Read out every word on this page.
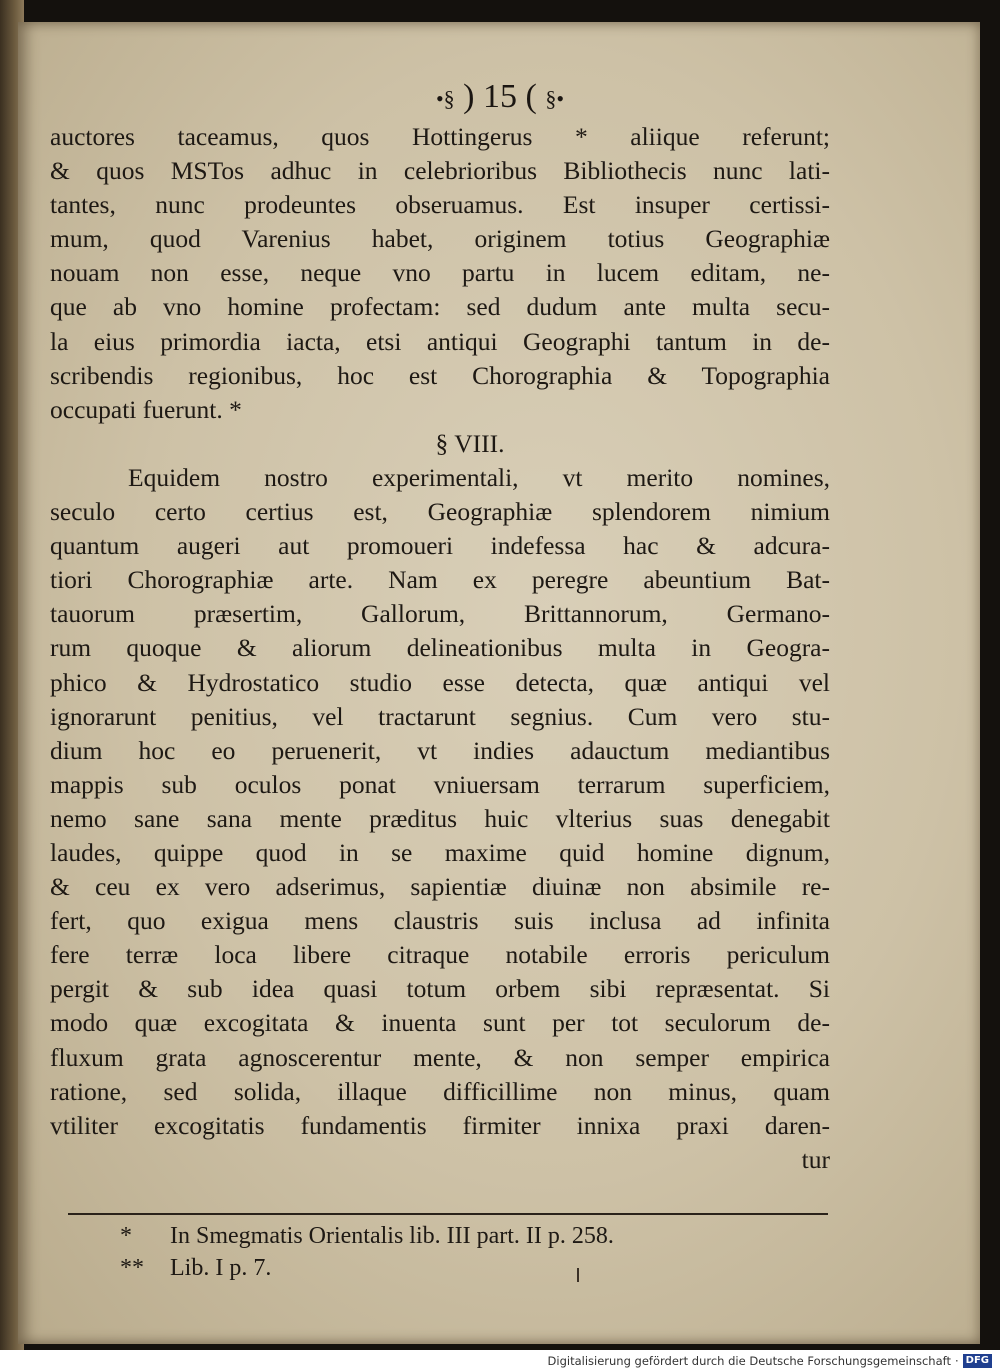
•§ ) 15 ( §•
auctores taceamus, quos Hottingerus * aliique referunt;
& quos MSTos adhuc in celebrioribus Bibliothecis nunc lati-
tantes, nunc prodeuntes obseruamus. Est insuper certissi-
mum, quod Varenius habet, originem totius Geographiæ
nouam non esse, neque vno partu in lucem editam, ne-
que ab vno homine profectam: sed dudum ante multa secu-
la eius primordia iacta, etsi antiqui Geographi tantum in de-
scribendis regionibus, hoc est Chorographia & Topographia
occupati fuerunt. *
§ VIII.
Equidem nostro experimentali, vt merito nomines,
seculo certo certius est, Geographiæ splendorem nimium
quantum augeri aut promoueri indefessa hac & adcura-
tiori Chorographiæ arte. Nam ex peregre abeuntium Bat-
tauorum præsertim, Gallorum, Brittannorum, Germano-
rum quoque & aliorum delineationibus multa in Geogra-
phico & Hydrostatico studio esse detecta, quæ antiqui vel
ignorarunt penitius, vel tractarunt segnius. Cum vero stu-
dium hoc eo peruenerit, vt indies adauctum mediantibus
mappis sub oculos ponat vniuersam terrarum superficiem,
nemo sane sana mente præditus huic vlterius suas denegabit
laudes, quippe quod in se maxime quid homine dignum,
& ceu ex vero adserimus, sapientiæ diuinæ non absimile re-
fert, quo exigua mens claustris suis inclusa ad infinita
fere terræ loca libere citraque notabile erroris periculum
pergit & sub idea quasi totum orbem sibi repræsentat. Si
modo quæ excogitata & inuenta sunt per tot seculorum de-
fluxum grata agnoscerentur mente, & non semper empirica
ratione, sed solida, illaque difficillime non minus, quam
vtiliter excogitatis fundamentis firmiter innixa praxi daren-
tur
* In Smegmatis Orientalis lib. III part. II p. 258.
** Lib. I p. 7.
Digitalisierung gefördert durch die Deutsche Forschungsgemeinschaft · DFG
